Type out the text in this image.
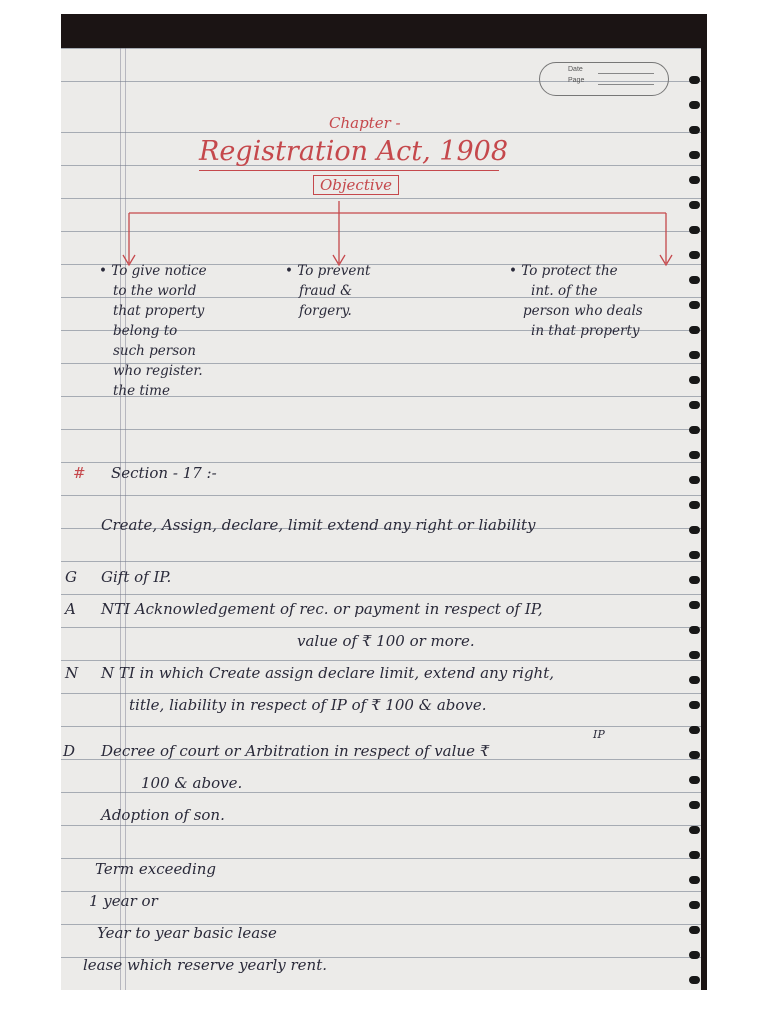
Date
Page
Chapter -
Registration Act, 1908
Objective
• To give notice
to the world
that property
belong to
such person
who register.
the time
• To prevent
fraud &
forgery.
• To protect the
int. of the
person who deals
in that property
# Section - 17 :-
Create, Assign, declare, limit extend any right or liability
G Gift of IP.
A NTI Acknowledgement of rec. or payment in respect of IP,
value of ₹ 100 or more.
N N TI in which Create assign declare limit, extend any right,
title, liability in respect of IP of ₹ 100 & above.
D Decree of court or Arbitration in respect of value ₹
IP
100 & above.
Adoption of son.
Term exceeding
1 year or
Year to year basic lease
lease which reserve yearly rent.
